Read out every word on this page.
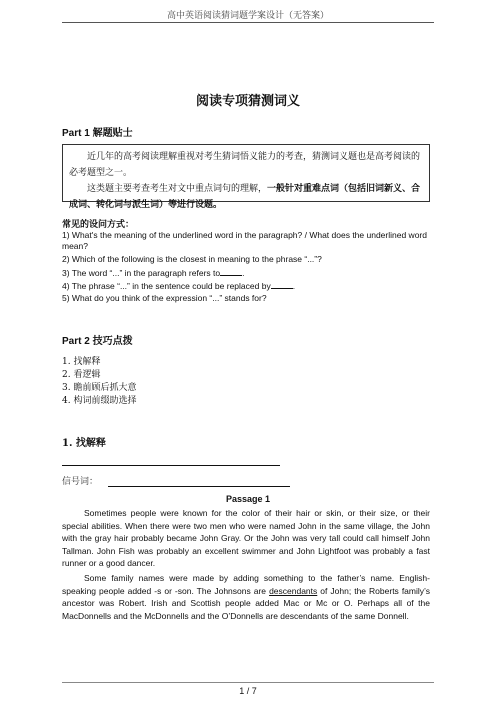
高中英语阅读猜词题学案设计（无答案）
阅读专项猜测词义
Part 1 解题贴士

近几年的高考阅读理解重视对考生猜词悟义能力的考查，猜测词义题也是高考阅读的必考题型之一。

这类题主要考查考生对文中重点词句的理解，一般针对重难点词（包括旧词新义、合成词、转化词与派生词）等进行设题。

常见的设问方式：
1) What's the meaning of the underlined word in the paragraph? / What does the underlined word mean?
2) Which of the following is the closest in meaning to the phrase “...”?
3) The word “...” in the paragraph refers to	.
4) The phrase “...” in the sentence could be replaced by	.
5) What do you think of the expression “...” stands for?
Part 2 技巧点拨
1. 找解释
2. 看逻辑
3. 瞻前顾后抓大意
4. 构词前缀助选择
1. 找解释
信号词：
Passage 1
Sometimes people were known for the color of their hair or skin, or their size, or their special abilities. When there were two men who were named John in the same village, the John with the gray hair probably became John Gray. Or the John was very tall could call himself John Tallman. John Fish was probably an excellent swimmer and John Lightfoot was probably a fast runner or a good dancer.
Some family names were made by adding something to the father’s name. English-speaking people added -s or -son. The Johnsons are descendants of John; the Roberts family’s ancestor was Robert. Irish and Scottish people added Mac or Mc or O. Perhaps all of the MacDonnells and the McDonnells and the O’Donnells are descendants of the same Donnell.
1 / 7
